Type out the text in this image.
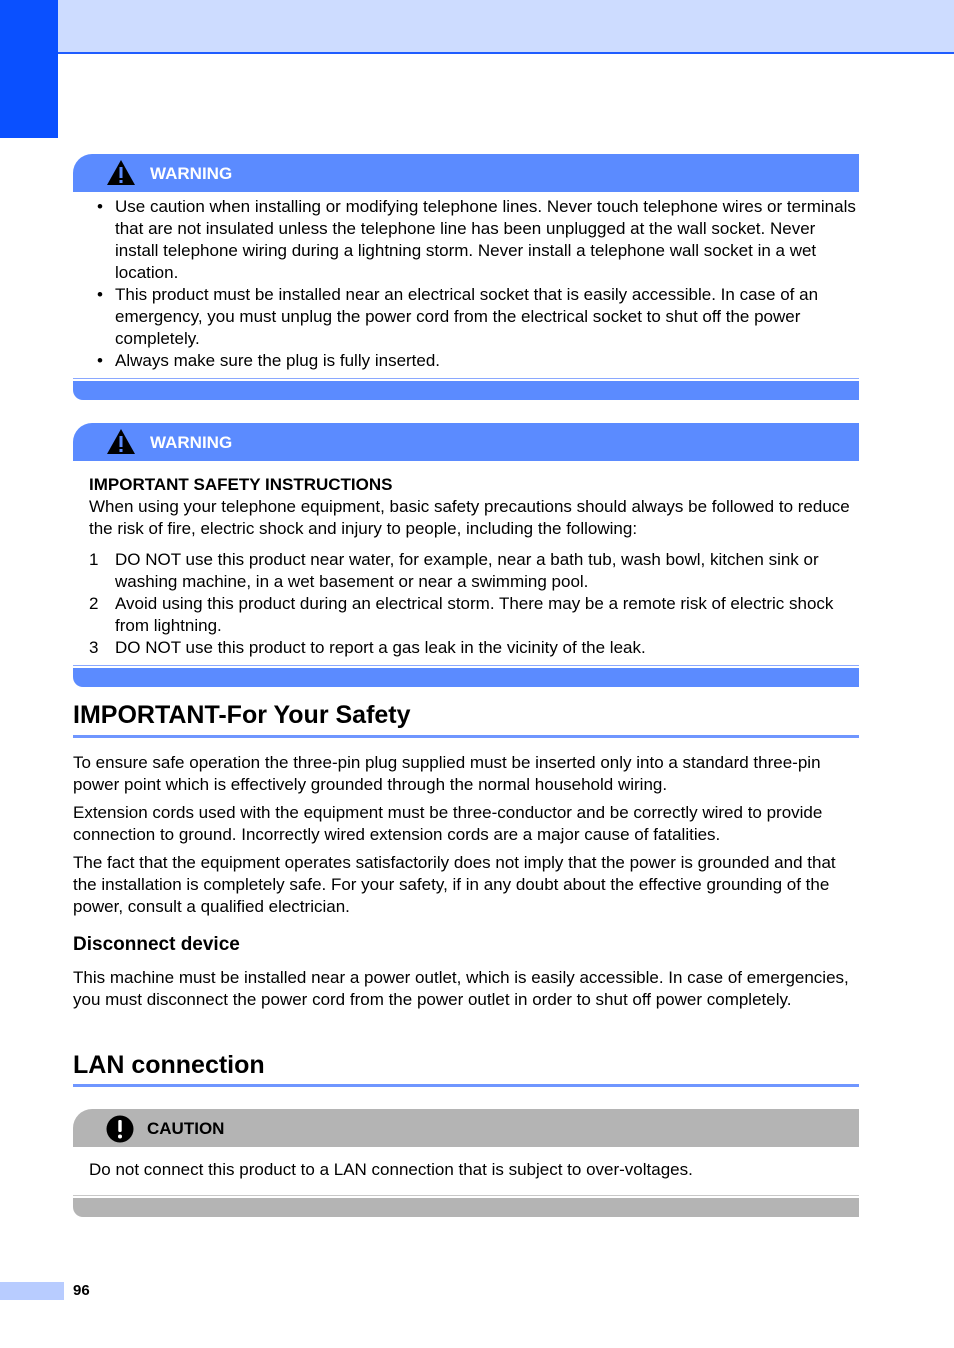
WARNING
• Use caution when installing or modifying telephone lines. Never touch telephone wires or terminals that are not insulated unless the telephone line has been unplugged at the wall socket. Never install telephone wiring during a lightning storm. Never install a telephone wall socket in a wet location.
• This product must be installed near an electrical socket that is easily accessible. In case of an emergency, you must unplug the power cord from the electrical socket to shut off the power completely.
• Always make sure the plug is fully inserted.
WARNING
IMPORTANT SAFETY INSTRUCTIONS
When using your telephone equipment, basic safety precautions should always be followed to reduce the risk of fire, electric shock and injury to people, including the following:
1 DO NOT use this product near water, for example, near a bath tub, wash bowl, kitchen sink or washing machine, in a wet basement or near a swimming pool.
2 Avoid using this product during an electrical storm. There may be a remote risk of electric shock from lightning.
3 DO NOT use this product to report a gas leak in the vicinity of the leak.
IMPORTANT-For Your Safety

To ensure safe operation the three-pin plug supplied must be inserted only into a standard three-pin power point which is effectively grounded through the normal household wiring.

Extension cords used with the equipment must be three-conductor and be correctly wired to provide connection to ground. Incorrectly wired extension cords are a major cause of fatalities.

The fact that the equipment operates satisfactorily does not imply that the power is grounded and that the installation is completely safe. For your safety, if in any doubt about the effective grounding of the power, consult a qualified electrician.

Disconnect device

This machine must be installed near a power outlet, which is easily accessible. In case of emergencies, you must disconnect the power cord from the power outlet in order to shut off power completely.

LAN connection
CAUTION
Do not connect this product to a LAN connection that is subject to over-voltages.
96
